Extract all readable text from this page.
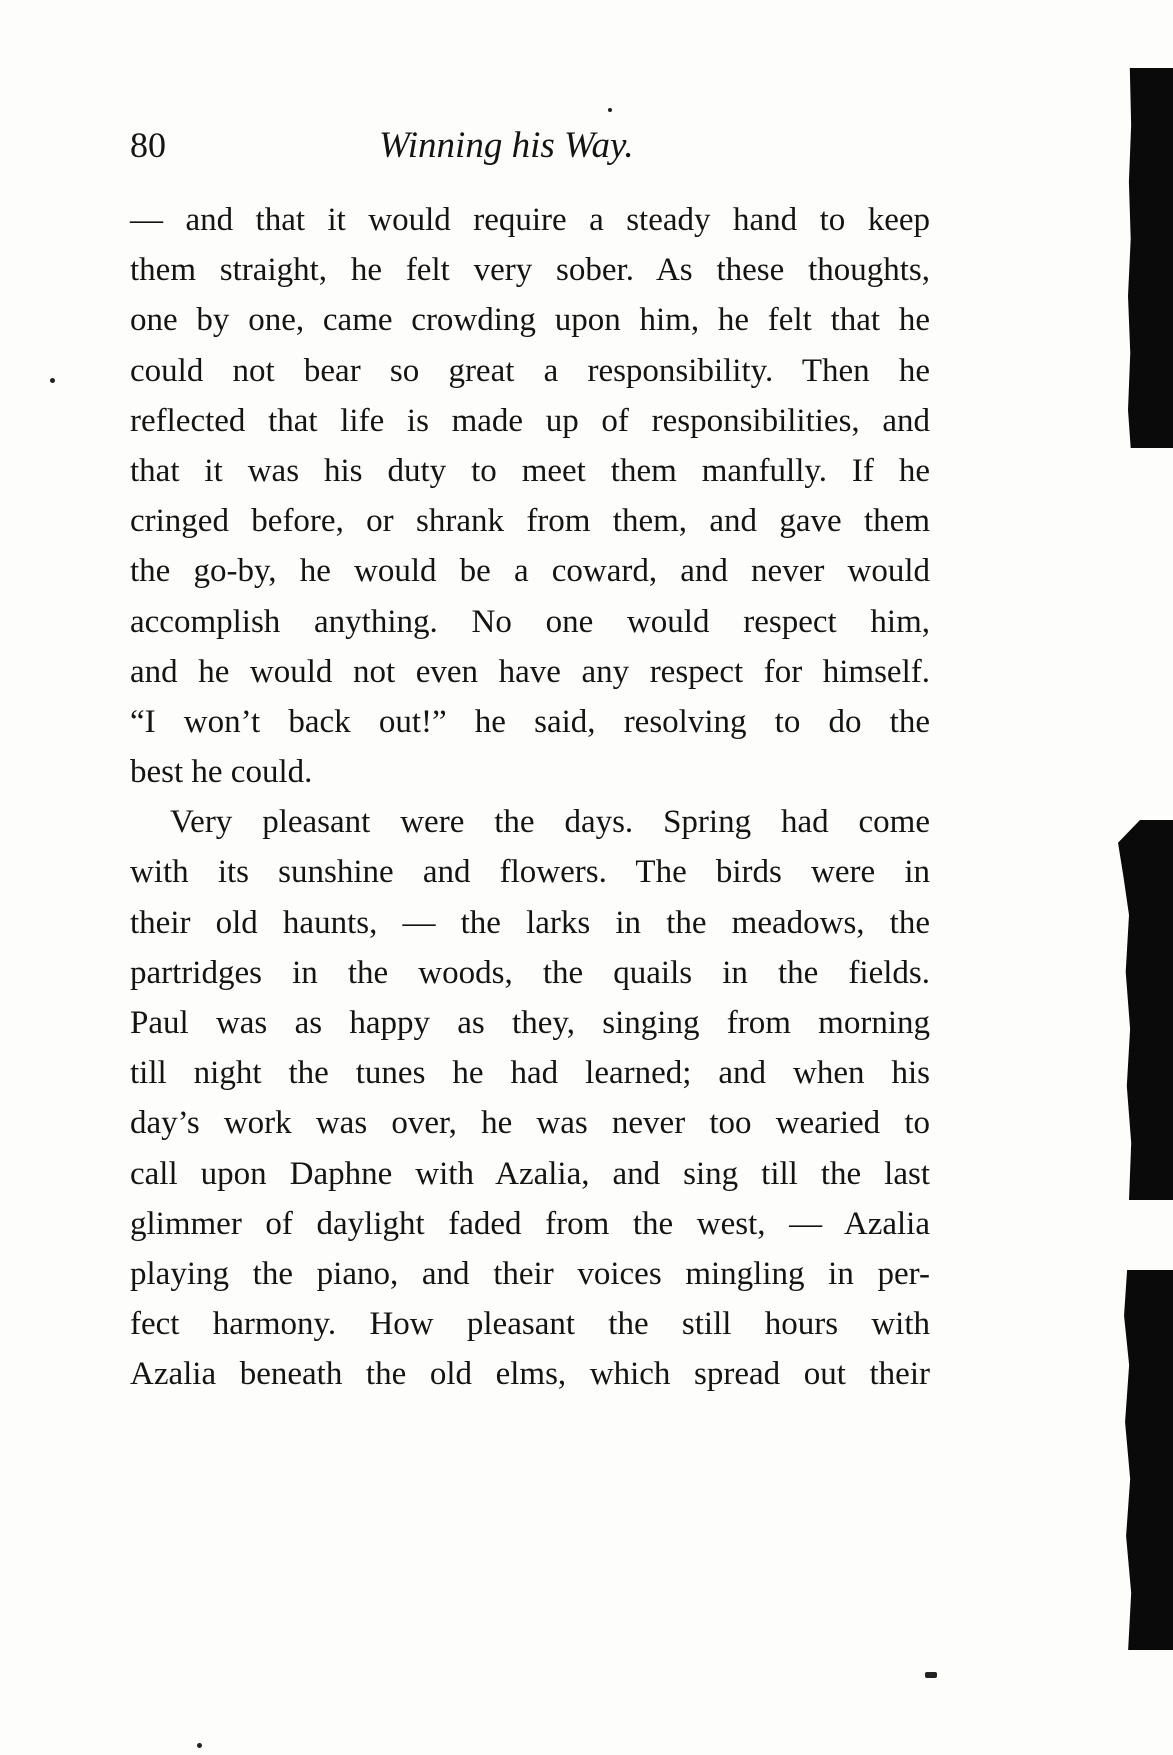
80	Winning his Way.
— and that it would require a steady hand to keep
them straight, he felt very sober. As these thoughts,
one by one, came crowding upon him, he felt that he
could not bear so great a responsibility. Then he
reflected that life is made up of responsibilities, and
that it was his duty to meet them manfully. If he
cringed before, or shrank from them, and gave them
the go-by, he would be a coward, and never would
accomplish anything. No one would respect him,
and he would not even have any respect for himself.
“I won’t back out!” he said, resolving to do the
best he could.
Very pleasant were the days. Spring had come
with its sunshine and flowers. The birds were in
their old haunts, — the larks in the meadows, the
partridges in the woods, the quails in the fields.
Paul was as happy as they, singing from morning
till night the tunes he had learned; and when his
day’s work was over, he was never too wearied to
call upon Daphne with Azalia, and sing till the last
glimmer of daylight faded from the west, — Azalia
playing the piano, and their voices mingling in per-
fect harmony. How pleasant the still hours with
Azalia beneath the old elms, which spread out their
